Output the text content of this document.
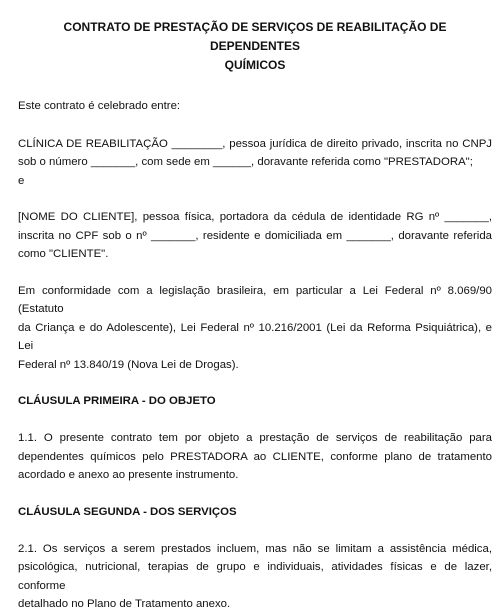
CONTRATO DE PRESTAÇÃO DE SERVIÇOS DE REABILITAÇÃO DE DEPENDENTES
QUÍMICOS

Este contrato é celebrado entre:

CLÍNICA DE REABILITAÇÃO ________, pessoa jurídica de direito privado, inscrita no CNPJ
sob o número _______, com sede em ______, doravante referida como "PRESTADORA";

e

[NOME DO CLIENTE], pessoa física, portadora da cédula de identidade RG nº _______,
inscrita no CPF sob o nº _______, residente e domiciliada em _______, doravante referida
como "CLIENTE".

Em conformidade com a legislação brasileira, em particular a Lei Federal nº 8.069/90 (Estatuto
da Criança e do Adolescente), Lei Federal nº 10.216/2001 (Lei da Reforma Psiquiátrica), e Lei
Federal nº 13.840/19 (Nova Lei de Drogas).

CLÁUSULA PRIMEIRA - DO OBJETO

1.1. O presente contrato tem por objeto a prestação de serviços de reabilitação para
dependentes químicos pelo PRESTADORA ao CLIENTE, conforme plano de tratamento
acordado e anexo ao presente instrumento.

CLÁUSULA SEGUNDA - DOS SERVIÇOS

2.1. Os serviços a serem prestados incluem, mas não se limitam a assistência médica,
psicológica, nutricional, terapias de grupo e individuais, atividades físicas e de lazer, conforme
detalhado no Plano de Tratamento anexo.
